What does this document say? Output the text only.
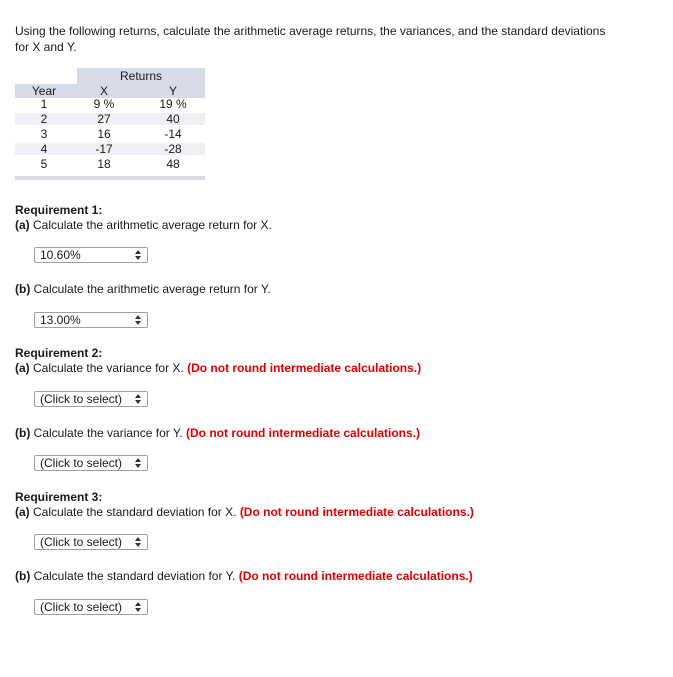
Using the following returns, calculate the arithmetic average returns, the variances, and the standard deviations for X and Y.
Returns
Year	X	Y
1	9 %	19 %
2	27	40
3	16	-14
4	-17	-28
5	18	48
Requirement 1:
(a) Calculate the arithmetic average return for X.
10.60%
(b) Calculate the arithmetic average return for Y.
13.00%
Requirement 2:
(a) Calculate the variance for X. (Do not round intermediate calculations.)
(Click to select)
(b) Calculate the variance for Y. (Do not round intermediate calculations.)
(Click to select)
Requirement 3:
(a) Calculate the standard deviation for X. (Do not round intermediate calculations.)
(Click to select)
(b) Calculate the standard deviation for Y. (Do not round intermediate calculations.)
(Click to select)
